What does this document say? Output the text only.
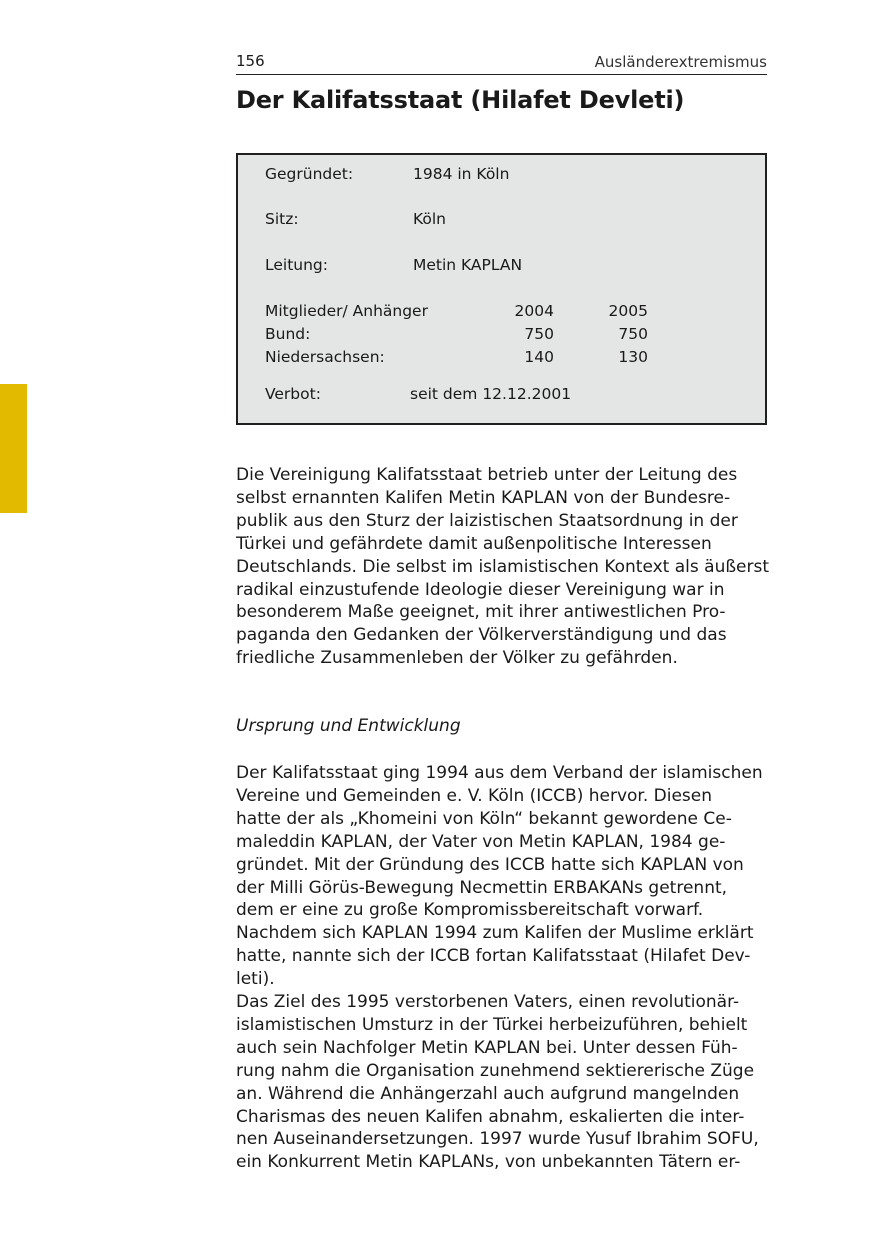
156	Ausländerextremismus
Der Kalifatsstaat (Hilafet Devleti)
Gegründet:	1984 in Köln
Sitz:	Köln
Leitung:	Metin KAPLAN
Mitglieder/ Anhänger	2004	2005
Bund:	750	750
Niedersachsen:	140	130
Verbot:	seit dem 12.12.2001

Die Vereinigung Kalifatsstaat betrieb unter der Leitung des
selbst ernannten Kalifen Metin KAPLAN von der Bundesre-
publik aus den Sturz der laizistischen Staatsordnung in der
Türkei und gefährdete damit außenpolitische Interessen
Deutschlands. Die selbst im islamistischen Kontext als äußerst
radikal einzustufende Ideologie dieser Vereinigung war in
besonderem Maße geeignet, mit ihrer antiwestlichen Pro-
paganda den Gedanken der Völkerverständigung und das
friedliche Zusammenleben der Völker zu gefährden.

Ursprung und Entwicklung

Der Kalifatsstaat ging 1994 aus dem Verband der islamischen
Vereine und Gemeinden e. V. Köln (ICCB) hervor. Diesen
hatte der als „Khomeini von Köln“ bekannt gewordene Ce-
maleddin KAPLAN, der Vater von Metin KAPLAN, 1984 ge-
gründet. Mit der Gründung des ICCB hatte sich KAPLAN von
der Milli Görüs-Bewegung Necmettin ERBAKANs getrennt,
dem er eine zu große Kompromissbereitschaft vorwarf.
Nachdem sich KAPLAN 1994 zum Kalifen der Muslime erklärt
hatte, nannte sich der ICCB fortan Kalifatsstaat (Hilafet Dev-
leti).

Das Ziel des 1995 verstorbenen Vaters, einen revolutionär-
islamistischen Umsturz in der Türkei herbeizuführen, behielt
auch sein Nachfolger Metin KAPLAN bei. Unter dessen Füh-
rung nahm die Organisation zunehmend sektiererische Züge
an. Während die Anhängerzahl auch aufgrund mangelnden
Charismas des neuen Kalifen abnahm, eskalierten die inter-
nen Auseinandersetzungen. 1997 wurde Yusuf Ibrahim SOFU,
ein Konkurrent Metin KAPLANs, von unbekannten Tätern er-
